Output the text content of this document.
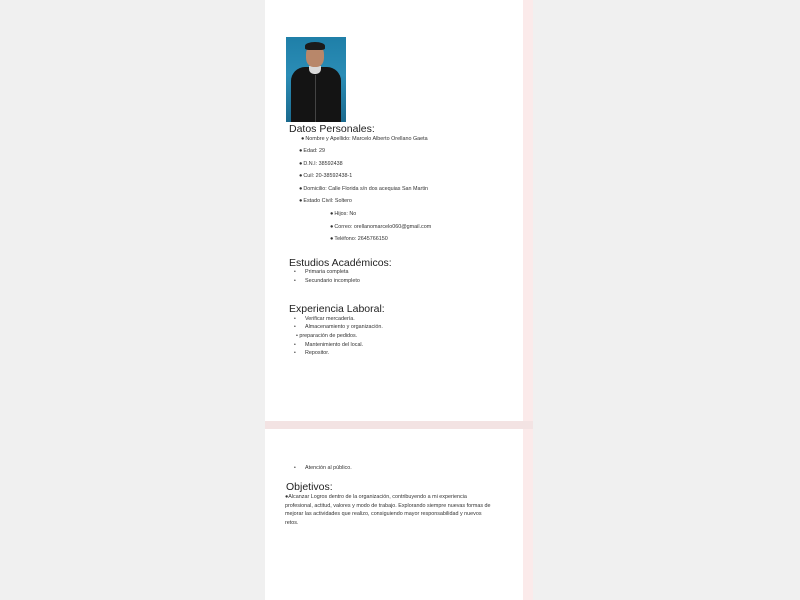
Datos Personales:
●Nombre y Apellido: Marcelo Alberto Orellano Gaeta
●Edad: 29
●D.N.I: 38592438
●Cuil: 20-38592438-1
●Domicilio: Calle Florida s/n dos acequias San Martin
●Estado Civil: Soltero
●Hijos: No
●Correo: orellanomarcelo060@gmail.com
●Teléfono: 2645766150
Estudios Académicos:
• Primaria completa
• Secundario incompleto
Experiencia Laboral:
• Verificar mercadería.
• Almacenamiento y organización.
• preparación de pedidos.
• Mantenimiento del local.
• Repositor.
• Atención al público.
Objetivos:
●Alcanzar Logros dentro de la organización, contribuyendo a mi experiencia profesional, actitud, valores y modo de trabajo. Explorando siempre nuevas formas de mejorar las actividades que realizo, consiguiendo mayor responsabilidad y nuevos retos.
